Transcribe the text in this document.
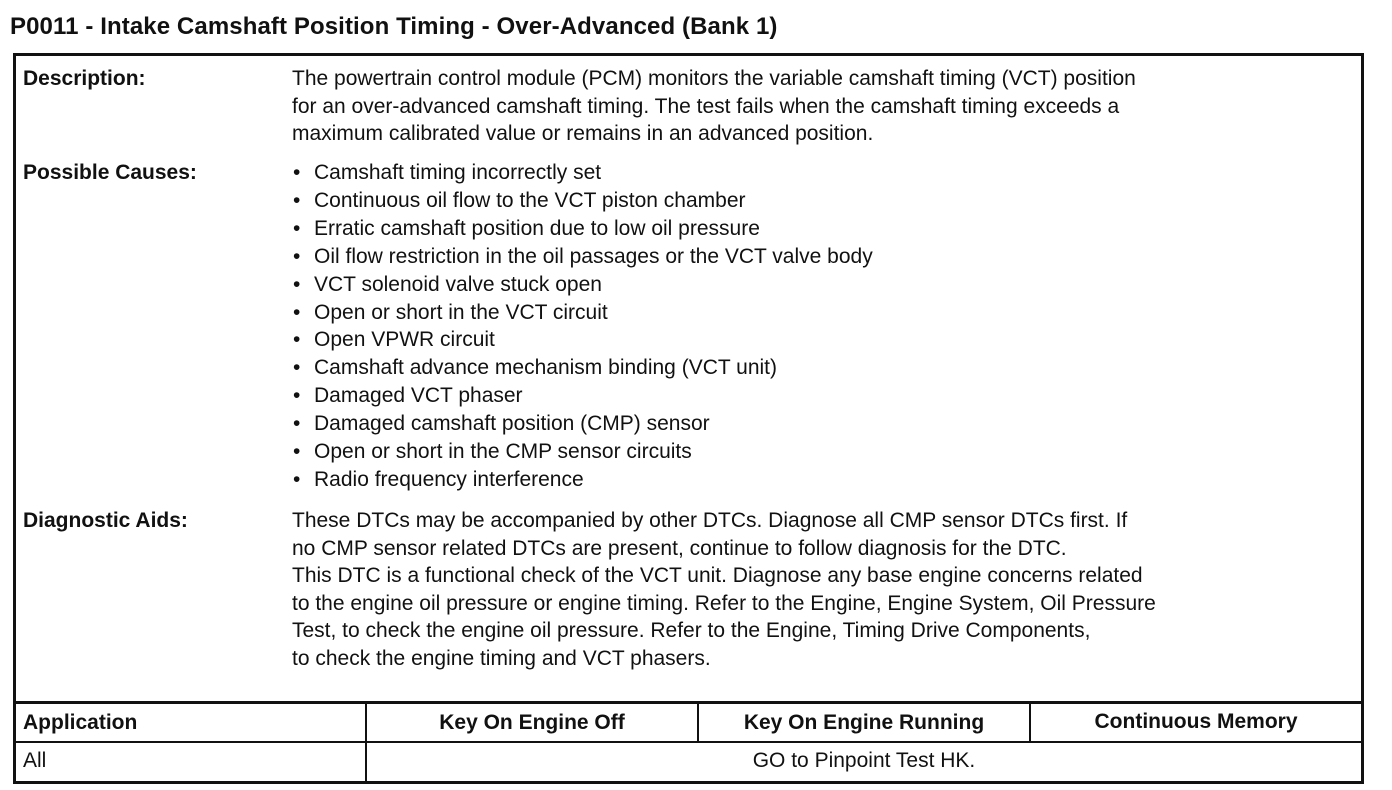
P0011 - Intake Camshaft Position Timing - Over-Advanced (Bank 1)
Description:	The powertrain control module (PCM) monitors the variable camshaft timing (VCT) position

for an over-advanced camshaft timing. The test fails when the camshaft timing exceeds a

maximum calibrated value or remains in an advanced position.

Possible Causes:	• Camshaft timing incorrectly set
• Continuous oil flow to the VCT piston chamber
• Erratic camshaft position due to low oil pressure
• Oil flow restriction in the oil passages or the VCT valve body
• VCT solenoid valve stuck open
• Open or short in the VCT circuit
• Open VPWR circuit
• Camshaft advance mechanism binding (VCT unit)
• Damaged VCT phaser
• Damaged camshaft position (CMP) sensor
• Open or short in the CMP sensor circuits
• Radio frequency interference
Diagnostic Aids:	These DTCs may be accompanied by other DTCs. Diagnose all CMP sensor DTCs first. If

no CMP sensor related DTCs are present, continue to follow diagnosis for the DTC.

This DTC is a functional check of the VCT unit. Diagnose any base engine concerns related

to the engine oil pressure or engine timing. Refer to the Engine, Engine System, Oil Pressure

Test, to check the engine oil pressure. Refer to the Engine, Timing Drive Components,

to check the engine timing and VCT phasers.

Application	Key On Engine Off	Key On Engine Running	Continuous Memory
All	GO to Pinpoint Test HK.
